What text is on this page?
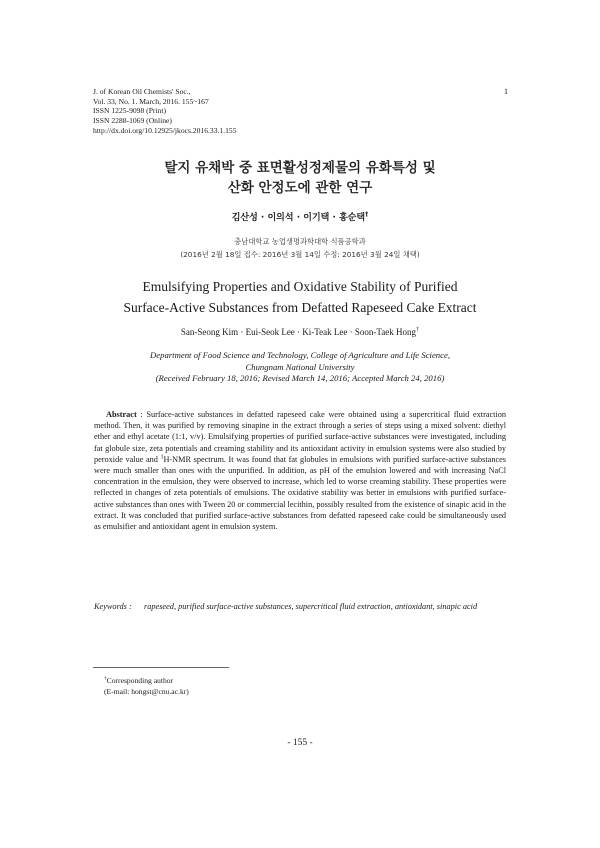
J. of Korean Oil Chemists' Soc.,
Vol. 33, No. 1. March, 2016. 155~167
ISSN 1225-9098 (Print)
ISSN 2288-1069 (Online)
http://dx.doi.org/10.12925/jkocs.2016.33.1.155
1
탈지 유채박 중 표면활성정제물의 유화특성 및
산화 안정도에 관한 연구
김산성 · 이의석 · 이기택 · 홍순택†
충남대학교 농업생명과학대학 식품공학과
(2016년 2월 18일 접수: 2016년 3월 14일 수정: 2016년 3월 24일 채택)
Emulsifying Properties and Oxidative Stability of Purified
Surface-Active Substances from Defatted Rapeseed Cake Extract
San-Seong Kim · Eui-Seok Lee · Ki-Teak Lee · Soon-Taek Hong†
Department of Food Science and Technology, College of Agriculture and Life Science,
Chungnam National University
(Received February 18, 2016; Revised March 14, 2016; Accepted March 24, 2016)
Abstract : Surface-active substances in defatted rapeseed cake were obtained using a supercritical fluid extraction method. Then, it was purified by removing sinapine in the extract through a series of steps using a mixed solvent: diethyl ether and ethyl acetate (1:1, v/v). Emulsifying properties of purified surface-active substances were investigated, including fat globule size, zeta potentials and creaming stability and its antioxidant activity in emulsion systems were also studied by peroxide value and $^1$H-NMR spectrum. It was found that fat globules in emulsions with purified surface-active substances were much smaller than ones with the unpurified. In addition, as pH of the emulsion lowered and with increasing NaCl concentration in the emulsion, they were observed to increase, which led to worse creaming stability. These properties were reflected in changes of zeta potentials of emulsions. The oxidative stability was better in emulsions with purified surface-active substances than ones with Tween 20 or commercial lecithin, possibly resulted from the existence of sinapic acid in the extract. It was concluded that purified surface-active substances from defatted rapeseed cake could be simultaneously used as emulsifier and antioxidant agent in emulsion system.
Keywords :	rapeseed, purified surface-active substances, supercritical fluid extraction, antioxidant, sinapic acid
†Corresponding author
(E-mail: hongst@cnu.ac.kr)
- 155 -
